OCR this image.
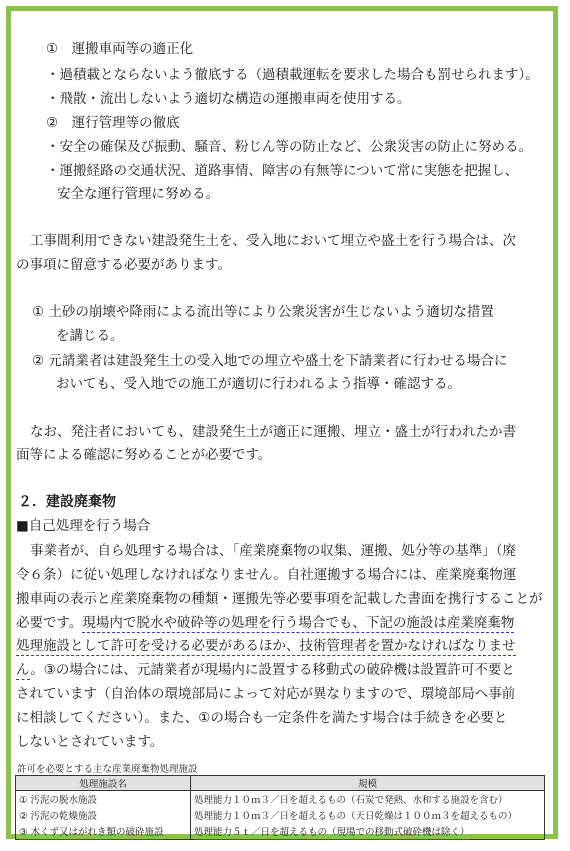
①　運搬車両等の適正化
・過積載とならないよう徹底する（過積載運転を要求した場合も罰せられます）。
・飛散・流出しないよう適切な構造の運搬車両を使用する。
②　運行管理等の徹底
・安全の確保及び振動、騒音、粉じん等の防止など、公衆災害の防止に努める。
・運搬経路の交通状況、道路事情、障害の有無等について常に実態を把握し、
安全な運行管理に努める。
工事間利用できない建設発生土を、受入地において埋立や盛土を行う場合は、次
の事項に留意する必要があります。
① 土砂の崩壊や降雨による流出等により公衆災害が生じないよう適切な措置
を講じる。
② 元請業者は建設発生土の受入地での埋立や盛土を下請業者に行わせる場合に
おいても、受入地での施工が適切に行われるよう指導・確認する。
なお、発注者においても、建設発生土が適正に運搬、埋立・盛土が行われたか書
面等による確認に努めることが必要です。
２．建設廃棄物
■自己処理を行う場合
事業者が、自ら処理する場合は、「産業廃棄物の収集、運搬、処分等の基準」（廃
令６条）に従い処理しなければなりません。自社運搬する場合には、産業廃棄物運
搬車両の表示と産業廃棄物の種類・運搬先等必要事項を記載した書面を携行することが
必要です。現場内で脱水や破砕等の処理を行う場合でも、下記の施設は産業廃棄物
処理施設として許可を受ける必要があるほか、技術管理者を置かなければなりませ
ん。③の場合には、元請業者が現場内に設置する移動式の破砕機は設置許可不要と
されています（自治体の環境部局によって対応が異なりますので、環境部局へ事前
に相談してください）。また、①の場合も一定条件を満たす場合は手続きを必要と
しないとされています。
許可を必要とする主な産業廃棄物処理施設
処理施設名	規模
① 汚泥の脱水施設	処理能力１０ｍ３／日を超えるもの（石炭で発熱、水和する施設を含む）
② 汚泥の乾燥施設	処理能力１０ｍ３／日を超えるもの（天日乾燥は１００ｍ３を超えるもの）
③ 木くず又はがれき類の破砕施設	処理能力５ｔ／日を超えるもの（現場での移動式破砕機は除く）
